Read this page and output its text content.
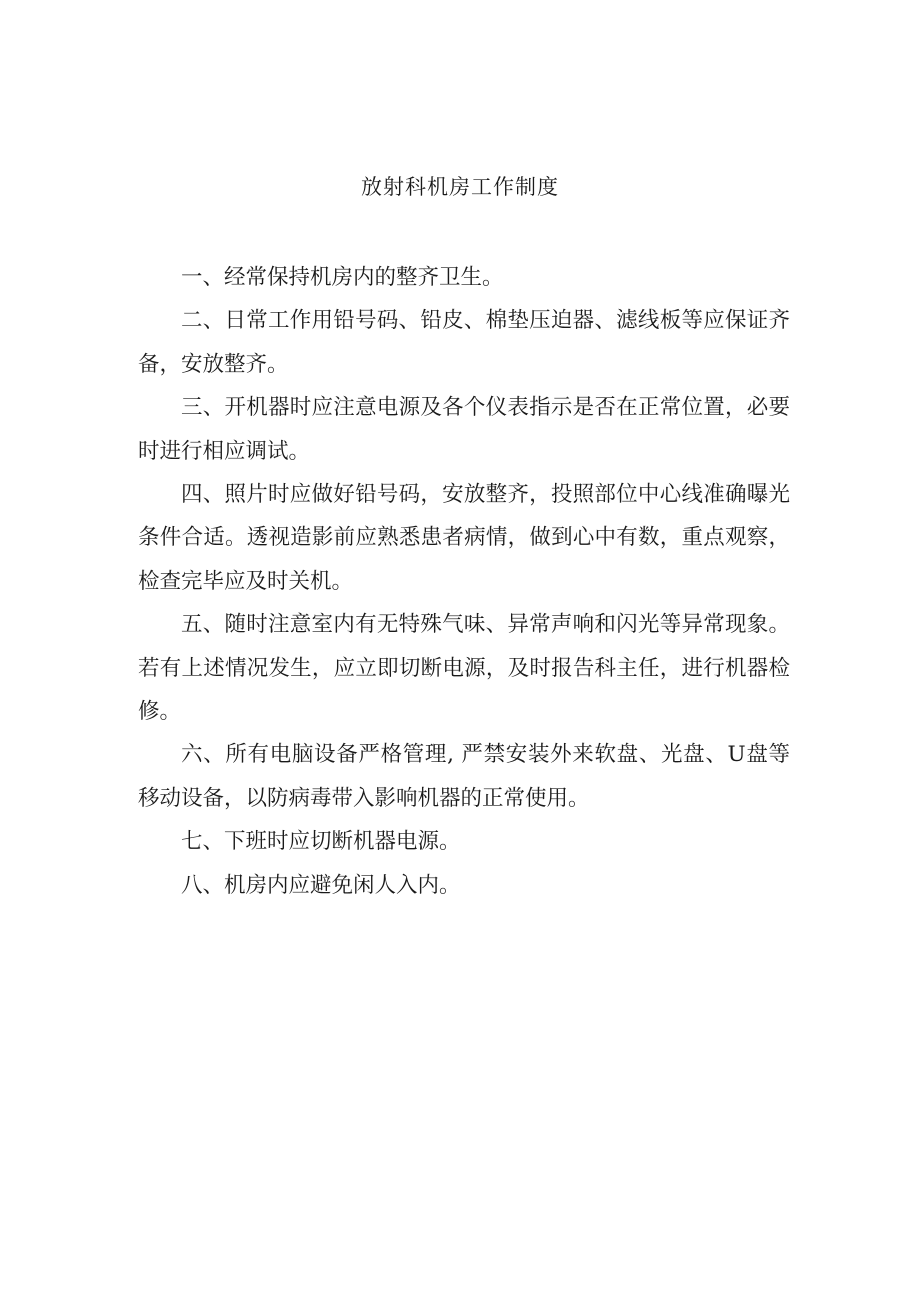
放射科机房工作制度

一、经常保持机房内的整齐卫生。

二、日常工作用铅号码、铅皮、棉垫压迫器、滤线板等应保证齐备，安放整齐。

三、开机器时应注意电源及各个仪表指示是否在正常位置，必要时进行相应调试。

四、照片时应做好铅号码，安放整齐，投照部位中心线准确曝光条件合适。透视造影前应熟悉患者病情，做到心中有数，重点观察，检查完毕应及时关机。

五、随时注意室内有无特殊气味、异常声响和闪光等异常现象。若有上述情况发生，应立即切断电源，及时报告科主任，进行机器检修。

六、所有电脑设备严格管理, 严禁安装外来软盘、光盘、U盘等移动设备，以防病毒带入影响机器的正常使用。

七、下班时应切断机器电源。

八、机房内应避免闲人入内。
